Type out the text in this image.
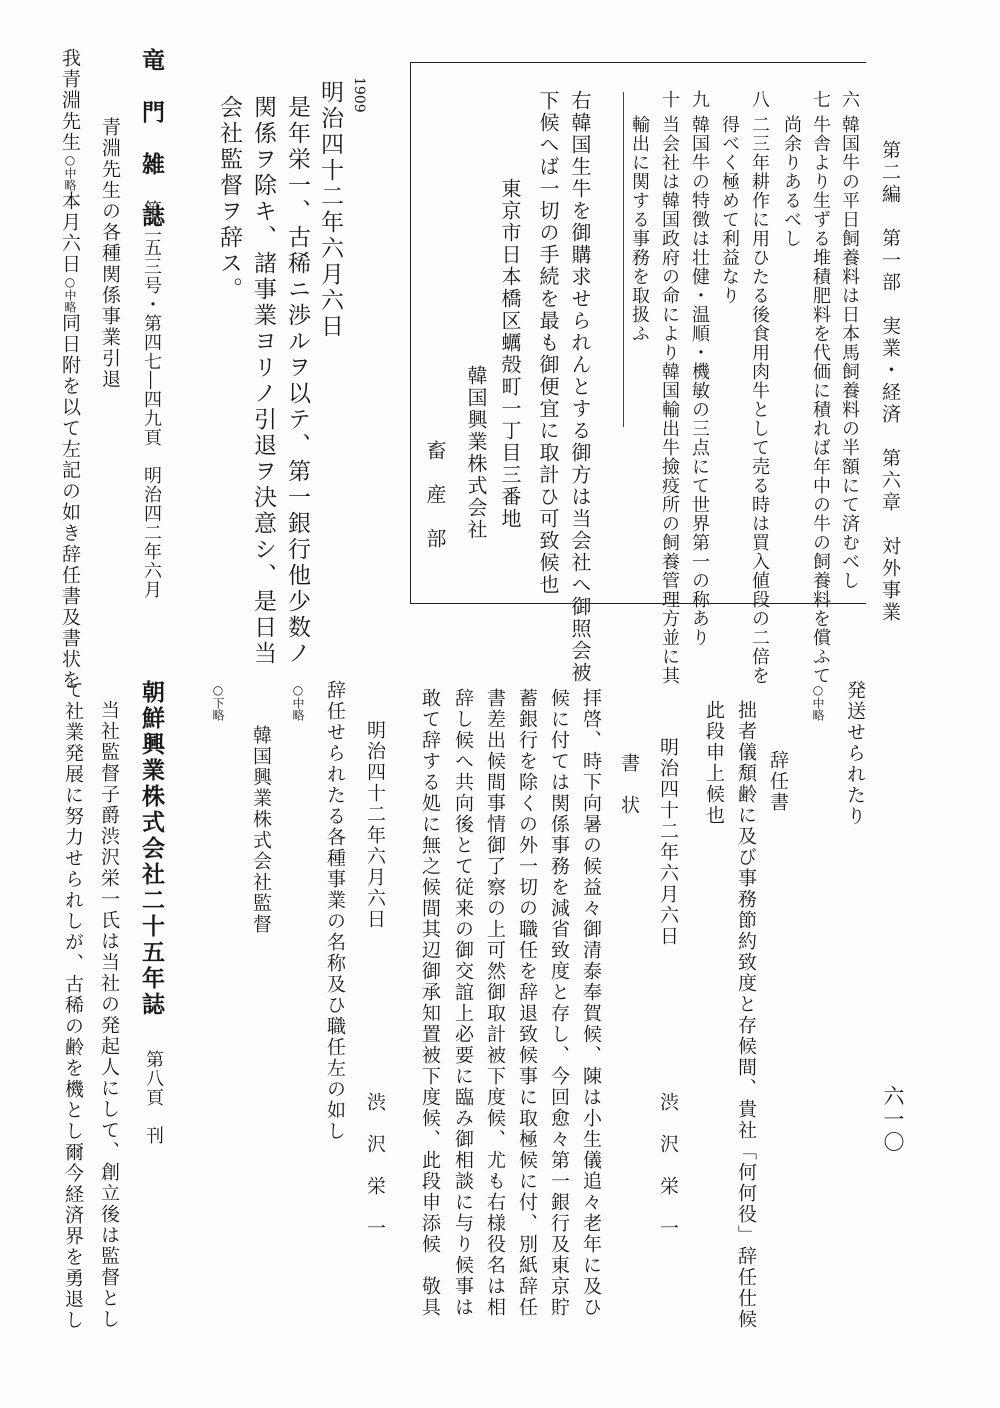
第二編　第一部　実業・経済　第六章　対外事業
六一〇
六
韓国牛の平日飼養料は日本馬飼養料の半額にて済むべし
七
牛舎より生ずる堆積肥料を代価に積れば年中の牛の飼養料を償ふて
尚余りあるべし
八
二三年耕作に用ひたる後食用肉牛として売る時は買入値段の二倍を
得べく極めて利益なり
九
韓国牛の特徴は壮健・温順・機敏の三点にて世界第一の称あり
十
当会社は韓国政府の命により韓国輸出牛撿疫所の飼養管理方並に其
輸出に関する事務を取扱ふ
右韓国生牛を御購求せられんとする御方は当会社へ御照会被
下候へば一切の手続を最も御便宜に取計ひ可致候也
韓国興業株式会社 東京市日本橋区蠣殻町一丁目三番地
畜　産　部
1909
明治四十二年六月六日
是年栄一、古稀ニ渉ルヲ以テ、第一銀行他少数ノ
関係ヲ除キ、諸事業ヨリノ引退ヲ決意シ、是日当
会社監督ヲ辞ス。
竜　門　雑　誌
第二五三号・第四七―四九頁　明治四二年六月
青淵先生の各種関係事業引退
我青淵先生○中略本月六日○中略同日附を以て左記の如き辞任書及書状を
発送せられたり
○中略
辞任書
拙者儀頽齢に及び事務節約致度と存候間、貴社「何何役」辞任仕候
此段申上候也
明治四十二年六月六日
渋　沢　栄　一
書　状
拝啓、時下向暑の候益々御清泰奉賀候、陳は小生儀追々老年に及ひ
候に付ては関係事務を減省致度と存し、今回愈々第一銀行及東京貯
蓄銀行を除くの外一切の職任を辞退致候事に取極候に付、別紙辞任
書差出候間事情御了察の上可然御取計被下度候、尤も右様役名は相
辞し候へ共向後とて従来の御交誼上必要に臨み御相談に与り候事は
敢て辞する処に無之候間其辺御承知置被下度候、此段申添候　敬具
明治四十二年六月六日
渋　沢　栄　一
辞任せられたる各種事業の名称及ひ職任左の如し
○中略
韓国興業株式会社監督
○下略
朝鮮興業株式会社二十五年誌
第八頁　刊
当社監督子爵渋沢栄一氏は当社の発起人にして、創立後は監督とし
て社業発展に努力せられしが、古稀の齢を機とし爾今経済界を勇退し
